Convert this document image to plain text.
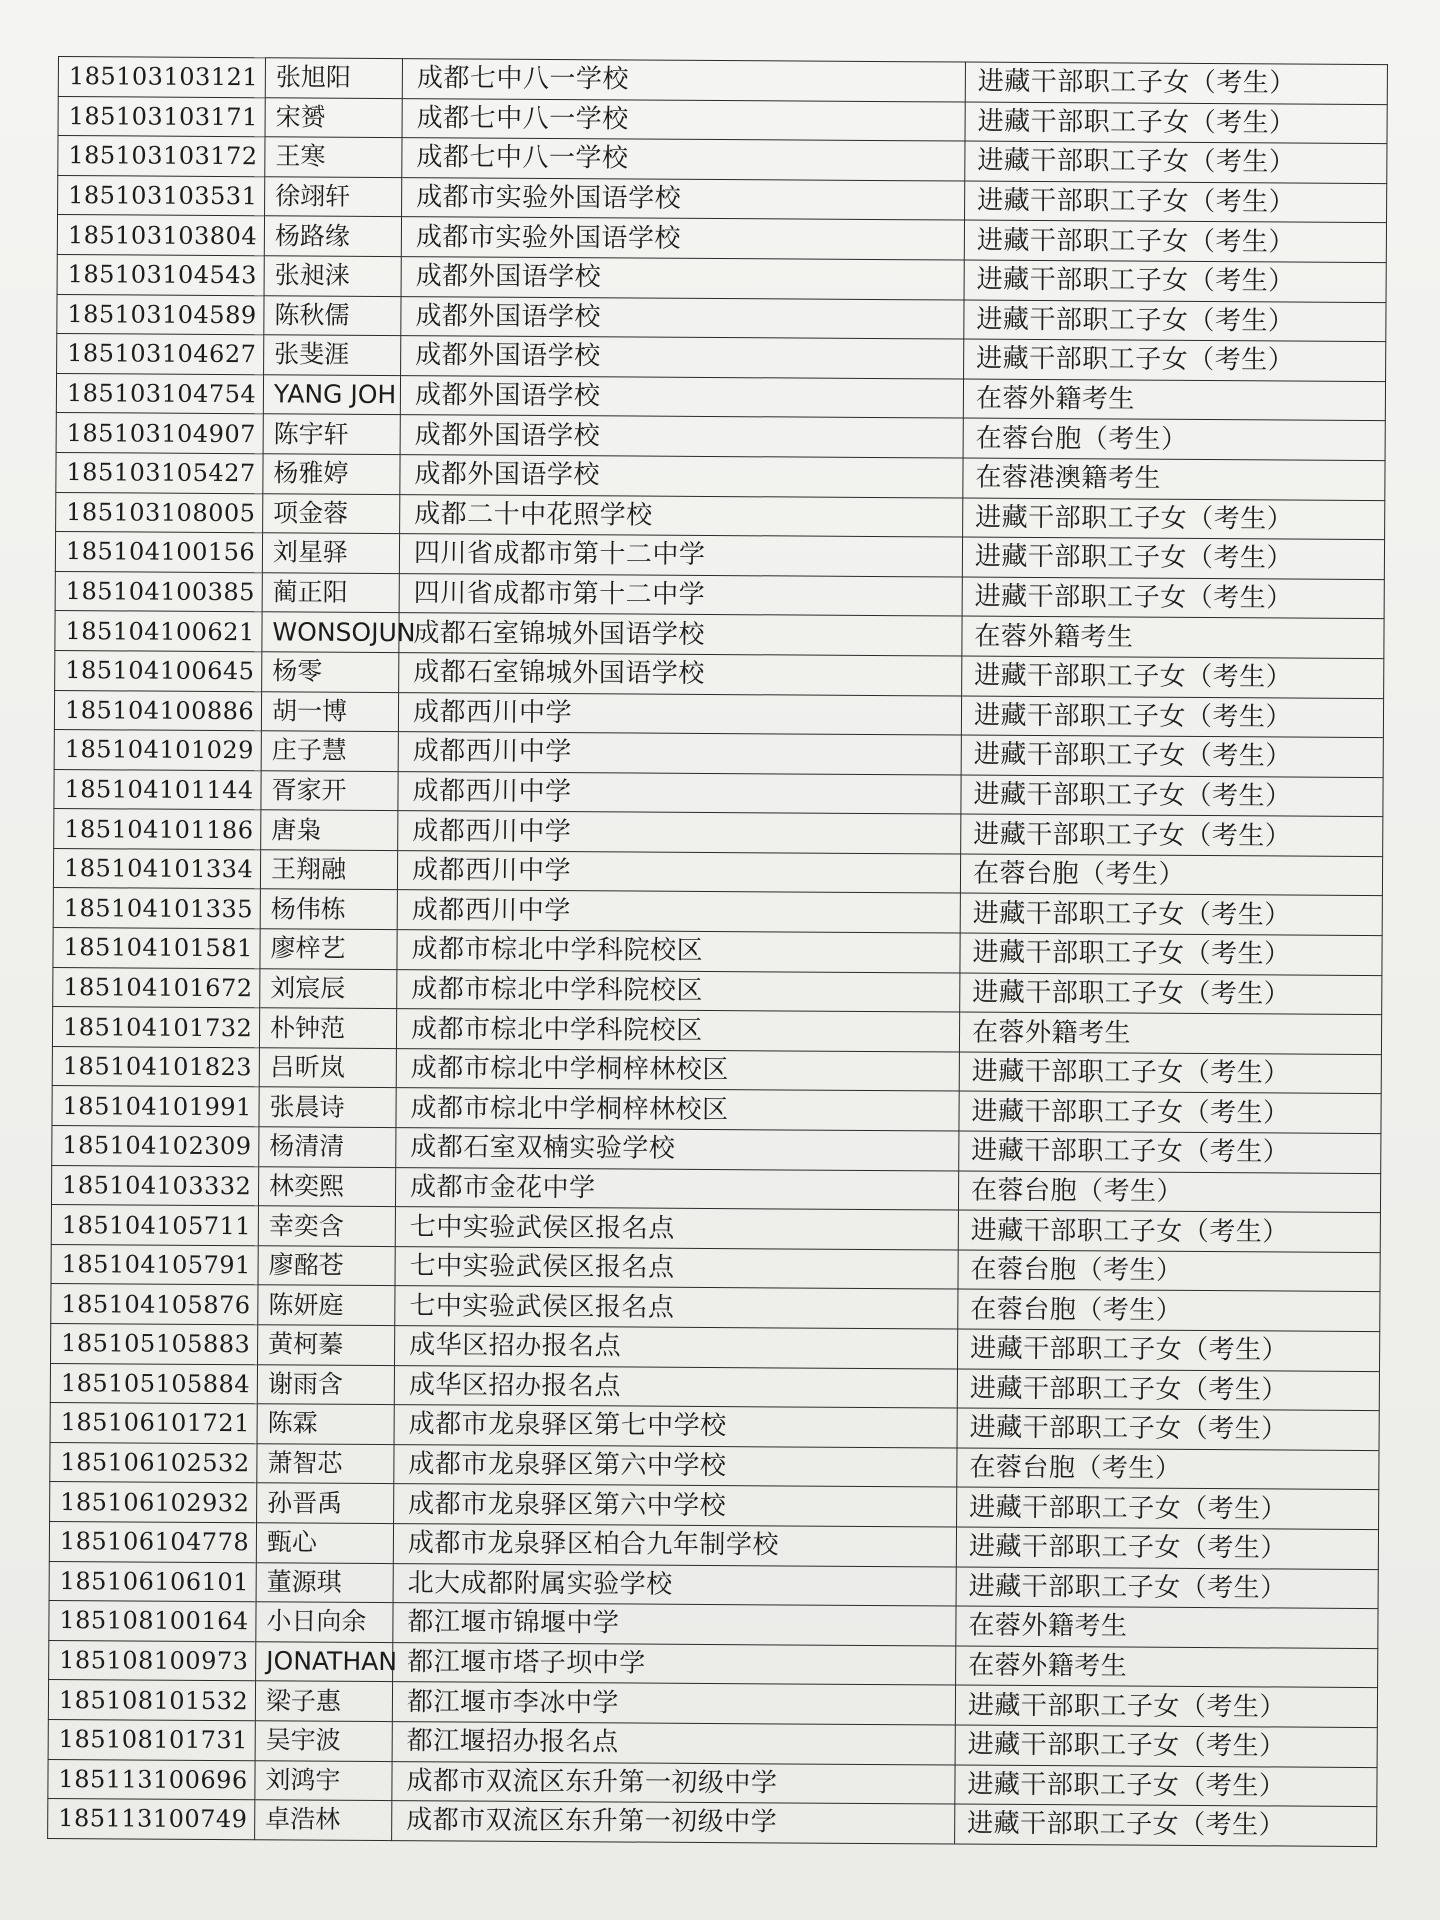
185103103121	张旭阳	成都七中八一学校	进藏干部职工子女（考生）
185103103171	宋赟	成都七中八一学校	进藏干部职工子女（考生）
185103103172	王寒	成都七中八一学校	进藏干部职工子女（考生）
185103103531	徐翊轩	成都市实验外国语学校	进藏干部职工子女（考生）
185103103804	杨路缘	成都市实验外国语学校	进藏干部职工子女（考生）
185103104543	张昶涞	成都外国语学校	进藏干部职工子女（考生）
185103104589	陈秋儒	成都外国语学校	进藏干部职工子女（考生）
185103104627	张斐涯	成都外国语学校	进藏干部职工子女（考生）
185103104754	YANG JOH	成都外国语学校	在蓉外籍考生
185103104907	陈宇轩	成都外国语学校	在蓉台胞（考生）
185103105427	杨雅婷	成都外国语学校	在蓉港澳籍考生
185103108005	项金蓉	成都二十中花照学校	进藏干部职工子女（考生）
185104100156	刘星驿	四川省成都市第十二中学	进藏干部职工子女（考生）
185104100385	蔺正阳	四川省成都市第十二中学	进藏干部职工子女（考生）
185104100621	WONSOJUN	成都石室锦城外国语学校	在蓉外籍考生
185104100645	杨零	成都石室锦城外国语学校	进藏干部职工子女（考生）
185104100886	胡一博	成都西川中学	进藏干部职工子女（考生）
185104101029	庄子慧	成都西川中学	进藏干部职工子女（考生）
185104101144	胥家开	成都西川中学	进藏干部职工子女（考生）
185104101186	唐枭	成都西川中学	进藏干部职工子女（考生）
185104101334	王翔融	成都西川中学	在蓉台胞（考生）
185104101335	杨伟栋	成都西川中学	进藏干部职工子女（考生）
185104101581	廖梓艺	成都市棕北中学科院校区	进藏干部职工子女（考生）
185104101672	刘宸辰	成都市棕北中学科院校区	进藏干部职工子女（考生）
185104101732	朴钟范	成都市棕北中学科院校区	在蓉外籍考生
185104101823	吕昕岚	成都市棕北中学桐梓林校区	进藏干部职工子女（考生）
185104101991	张晨诗	成都市棕北中学桐梓林校区	进藏干部职工子女（考生）
185104102309	杨清清	成都石室双楠实验学校	进藏干部职工子女（考生）
185104103332	林奕熙	成都市金花中学	在蓉台胞（考生）
185104105711	幸奕含	七中实验武侯区报名点	进藏干部职工子女（考生）
185104105791	廖酩苍	七中实验武侯区报名点	在蓉台胞（考生）
185104105876	陈妍庭	七中实验武侯区报名点	在蓉台胞（考生）
185105105883	黄柯蓁	成华区招办报名点	进藏干部职工子女（考生）
185105105884	谢雨含	成华区招办报名点	进藏干部职工子女（考生）
185106101721	陈霖	成都市龙泉驿区第七中学校	进藏干部职工子女（考生）
185106102532	萧智芯	成都市龙泉驿区第六中学校	在蓉台胞（考生）
185106102932	孙晋禹	成都市龙泉驿区第六中学校	进藏干部职工子女（考生）
185106104778	甄心	成都市龙泉驿区柏合九年制学校	进藏干部职工子女（考生）
185106106101	董源琪	北大成都附属实验学校	进藏干部职工子女（考生）
185108100164	小日向余	都江堰市锦堰中学	在蓉外籍考生
185108100973	JONATHAN	都江堰市塔子坝中学	在蓉外籍考生
185108101532	梁子惠	都江堰市李冰中学	进藏干部职工子女（考生）
185108101731	吴宇波	都江堰招办报名点	进藏干部职工子女（考生）
185113100696	刘鸿宇	成都市双流区东升第一初级中学	进藏干部职工子女（考生）
185113100749	卓浩林	成都市双流区东升第一初级中学	进藏干部职工子女（考生）
